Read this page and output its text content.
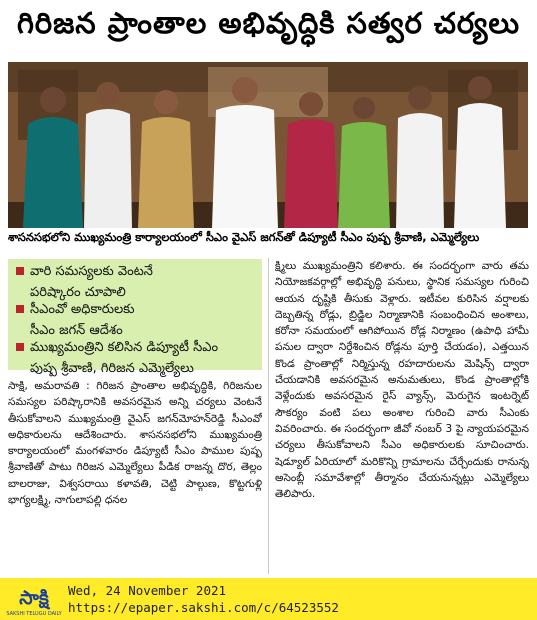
గిరిజన ప్రాంతాల అభివృద్ధికి సత్వర చర్యలు
శాసనసభలోని ముఖ్యమంత్రి కార్యాలయంలో సీఎం వైఎస్ జగన్‌తో డిప్యూటీ సీఎం పుష్ప శ్రీవాణి, ఎమ్మెల్యేలు
వారి సమస్యలకు వెంటనే
పరిష్కారం చూపాలి
సీఎంవో అధికారులకు
సీఎం జగన్ ఆదేశం
ముఖ్యమంత్రిని కలిసిన డిప్యూటీ సీఎం
పుష్ప శ్రీవాణి, గిరిజన ఎమ్మెల్యేలు
సాక్షి, అమరావతి : గిరిజన ప్రాంతాల అభివృద్ధికి, గిరిజనుల సమస్యల పరిష్కారానికి అవసరమైన అన్ని చర్యలు వెంటనే తీసుకోవాలని ముఖ్యమంత్రి వైఎస్ జగన్‌మోహన్‌రెడ్డి సీఎంవో అధికారులను ఆదేశించారు. శాసనసభలోని ముఖ్యమంత్రి కార్యాలయంలో మంగళవారం డిప్యూటీ సీఎం పాముల పుష్ప శ్రీవాణితో పాటు గిరిజన ఎమ్మెల్యేలు పీడిక రాజన్న దొర, తెల్లం బాలరాజు, విశ్వసరాయి కళావతి, చెట్టి పాల్గుణ, కొట్టగుళ్లి భాగ్యలక్ష్మి, నాగులాపల్లి ధనల
క్ష్మిలు ముఖ్యమంత్రిని కలిశారు. ఈ సందర్భంగా వారు తమ నియోజకవర్గాల్లో అభివృద్ధి పనులు, స్థానిక సమస్యల గురించి ఆయన దృష్టికి తీసుకు వెళ్లారు. ఇటీవల కురిసిన వర్షాలకు దెబ్బతిన్న రోడ్లు, బ్రిడ్జిల నిర్మాణానికి సంబంధించిన అంశాలు, కరోనా సమయంలో ఆగిపోయిన రోడ్ల నిర్మాణం (ఉపాధి హామీ పనుల ద్వారా నిర్దేశించిన రోడ్లను పూర్తి చేయడం), ఎత్తయిన కొండ ప్రాంతాల్లో నిర్మిస్తున్న రహదారులను మెషిన్స్ ద్వారా చేయడానికి అవసరమైన అనుమతులు, కొండ ప్రాంతాల్లోకి వెళ్లేందుకు అవసరమైన రైస్ వ్యాన్స్, మెరుగైన ఇంటర్నెట్ సౌకర్యం వంటి పలు అంశాల గురించి వారు సీఎంకు వివరించారు. ఈ సందర్భంగా జీవో నంబర్ 3 పై న్యాయపరమైన చర్యలు తీసుకోవాలని సీఎం అధికారులకు సూచించారు. షెడ్యూల్ ఏరియాలో మరికొన్ని గ్రామాలను చేర్చేందుకు రానున్న అసెంబ్లీ సమావేశాల్లో తీర్మానం చేయనున్నట్లు ఎమ్మెల్యేలు తెలిపారు.
సాక్షి
SAKSHI TELUGU DAILY
Wed, 24 November 2021
https://epaper.sakshi.com/c/64523552
